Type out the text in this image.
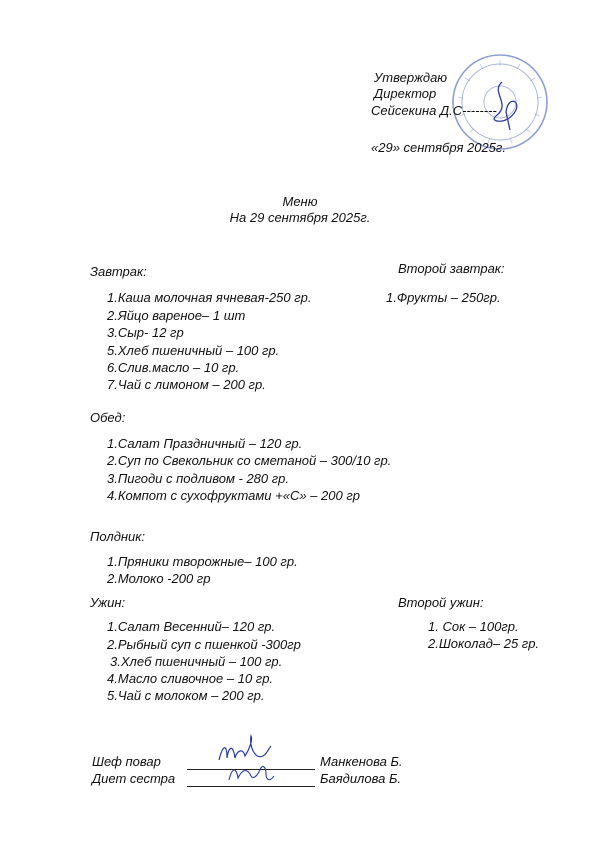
Утверждаю
Директор
Сейсекина Д.С--------
«29» сентября 2025г.
Меню
На 29 сентября 2025г.
Завтрак:
1.Каша молочная ячневая-250 гр.
2.Яйцо вареное– 1 шт
3.Сыр- 12 гр
5.Хлеб пшеничный – 100 гр.
6.Слив.масло – 10 гр.
7.Чай с лимоном – 200 гр.
Второй завтрак:
1.Фрукты – 250гр.
Обед:
1.Салат Праздничный – 120 гр.
2.Суп по Свекольник со сметаной – 300/10 гр.
3.Пигоди с подливом - 280 гр.
4.Компот с сухофруктами +«С» – 200 гр
Полдник:
1.Пряники творожные– 100 гр.
2.Молоко -200 гр
Ужин:
1.Салат Весенний– 120 гр.
2.Рыбный суп с пшенкой -300гр
3.Хлеб пшеничный – 100 гр.
4.Масло сливочное – 10 гр.
5.Чай с молоком – 200 гр.
Второй ужин:
1. Сок – 100гр.
2.Шоколад– 25 гр.
Шеф повар	Манкенова Б.
Диет сестра	Баядилова Б.
